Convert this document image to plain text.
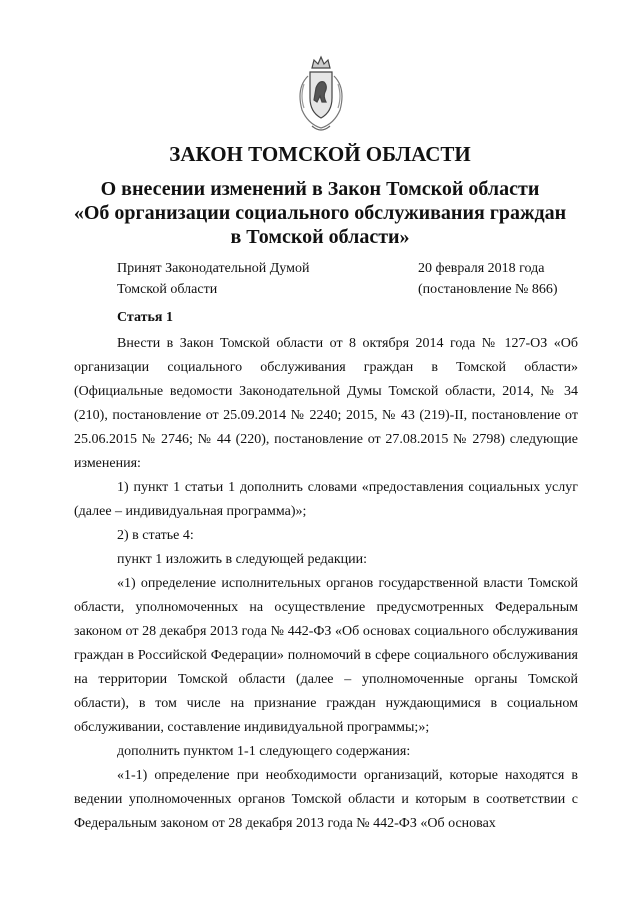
ЗАКОН ТОМСКОЙ ОБЛАСТИ
О внесении изменений в Закон Томской области
«Об организации социального обслуживания граждан
в Томской области»
Принят Законодательной Думой
Томской области
20 февраля 2018 года
(постановление № 866)
Статья 1

Внести в Закон Томской области от 8 октября 2014 года № 127-ОЗ «Об организации социального обслуживания граждан в Томской области» (Официальные ведомости Законодательной Думы Томской области, 2014, № 34 (210), постановление от 25.09.2014 № 2240; 2015, № 43 (219)-II, постановление от 25.06.2015 № 2746; № 44 (220), постановление от 27.08.2015 № 2798) следующие изменения:

1) пункт 1 статьи 1 дополнить словами «предоставления социальных услуг (далее – индивидуальная программа)»;

2) в статье 4:

пункт 1 изложить в следующей редакции:

«1) определение исполнительных органов государственной власти Томской области, уполномоченных на осуществление предусмотренных Федеральным законом от 28 декабря 2013 года № 442-ФЗ «Об основах социального обслуживания граждан в Российской Федерации» полномочий в сфере социального обслуживания на территории Томской области (далее – уполномоченные органы Томской области), в том числе на признание граждан нуждающимися в социальном обслуживании, составление индивидуальной программы;»;

дополнить пунктом 1-1 следующего содержания:

«1-1) определение при необходимости организаций, которые находятся в ведении уполномоченных органов Томской области и которым в соответствии с Федеральным законом от 28 декабря 2013 года № 442-ФЗ «Об основах
